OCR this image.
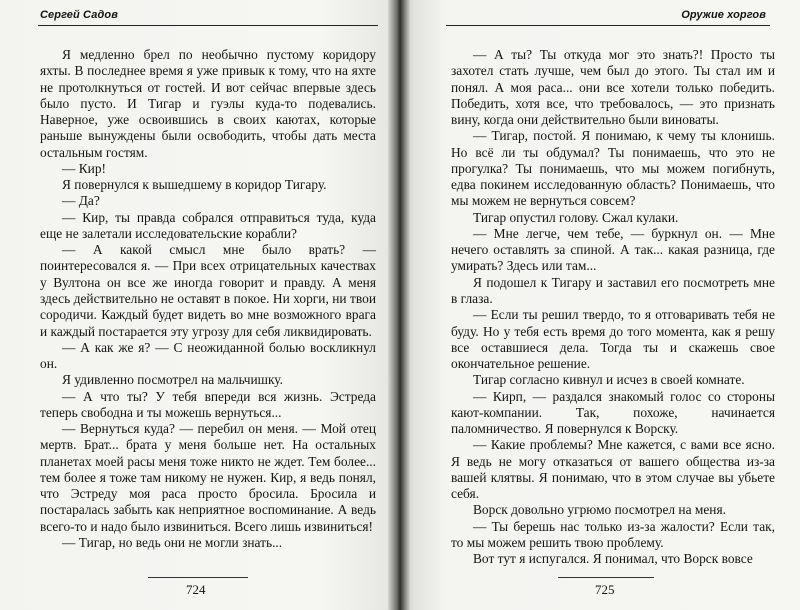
Сергей Садов

Я медленно брел по необычно пустому коридору яхты. В последнее время я уже привык к тому, что на яхте не протолкнуться от гостей. И вот сейчас впервые здесь было пусто. И Тигар и гуэлы куда-то подевались. Наверное, уже освоившись в своих каютах, которые раньше вынуждены были освободить, чтобы дать места остальным гостям.

— Кир!

Я повернулся к вышедшему в коридор Тигару.

— Да?

— Кир, ты правда собрался отправиться туда, куда еще не залетали исследовательские корабли?

— А какой смысл мне было врать? — поинтересовался я. — При всех отрицательных качествах у Вултона он все же иногда говорит и правду. А меня здесь действительно не оставят в покое. Ни хорги, ни твои сородичи. Каждый будет видеть во мне возможного врага и каждый постарается эту угрозу для себя ликвидировать.

— А как же я? — С неожиданной болью воскликнул он.

Я удивленно посмотрел на мальчишку.

— А что ты? У тебя впереди вся жизнь. Эстреда теперь свободна и ты можешь вернуться...

— Вернуться куда? — перебил он меня. — Мой отец мертв. Брат... брата у меня больше нет. На остальных планетах моей расы меня тоже никто не ждет. Тем более... тем более я тоже там никому не нужен. Кир, я ведь понял, что Эстреду моя раса просто бросила. Бросила и постаралась забыть как неприятное воспоминание. А ведь всего-то и надо было извиниться. Всего лишь извиниться!

— Тигар, но ведь они не могли знать...

724
Оружие хоргов

— А ты? Ты откуда мог это знать?! Просто ты захотел стать лучше, чем был до этого. Ты стал им и понял. А моя раса... они все хотели только победить. Победить, хотя все, что требовалось, — это признать вину, когда они действительно были виноваты.

— Тигар, постой. Я понимаю, к чему ты клонишь. Но всё ли ты обдумал? Ты понимаешь, что это не прогулка? Ты понимаешь, что мы можем погибнуть, едва покинем исследованную область? Понимаешь, что мы можем не вернуться совсем?

Тигар опустил голову. Сжал кулаки.

— Мне легче, чем тебе, — буркнул он. — Мне нечего оставлять за спиной. А так... какая разница, где умирать? Здесь или там...

Я подошел к Тигару и заставил его посмотреть мне в глаза.

— Если ты решил твердо, то я отговаривать тебя не буду. Но у тебя есть время до того момента, как я решу все оставшиеся дела. Тогда ты и скажешь свое окончательное решение.

Тигар согласно кивнул и исчез в своей комнате.

— Кирп, — раздался знакомый голос со стороны кают-компании. Так, похоже, начинается паломничество. Я повернулся к Ворску.

— Какие проблемы? Мне кажется, с вами все ясно. Я ведь не могу отказаться от вашего общества из-за вашей клятвы. Я понимаю, что в этом случае вы убьете себя.

Ворск довольно угрюмо посмотрел на меня.

— Ты берешь нас только из-за жалости? Если так, то мы можем решить твою проблему.

Вот тут я испугался. Я понимал, что Ворск вовсе

725
